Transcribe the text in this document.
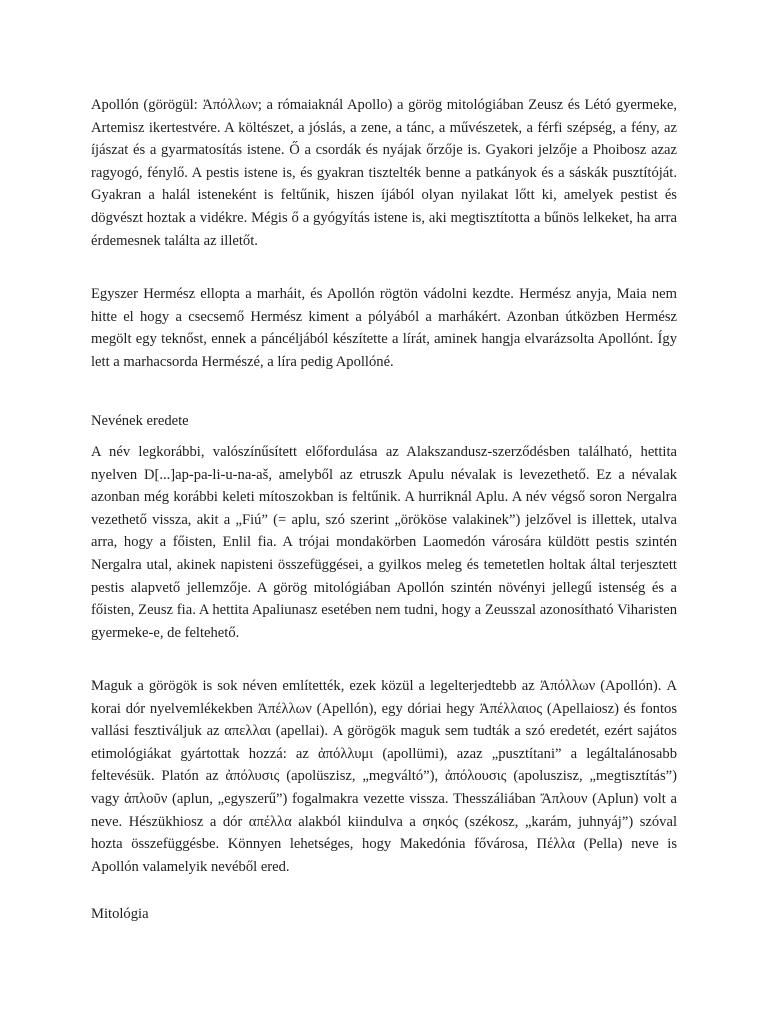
Apollón (görögül: Ἀπόλλων; a rómaiaknál Apollo) a görög mitológiában Zeusz és Létó gyermeke, Artemisz ikertestvére. A költészet, a jóslás, a zene, a tánc, a művészetek, a férfi szépség, a fény, az íjászat és a gyarmatosítás istene. Ő a csordák és nyájak őrzője is. Gyakori jelzője a Phoibosz azaz ragyogó, fénylő. A pestis istene is, és gyakran tisztelték benne a patkányok és a sáskák pusztítóját. Gyakran a halál isteneként is feltűnik, hiszen íjából olyan nyilakat lőtt ki, amelyek pestist és dögvészt hoztak a vidékre. Mégis ő a gyógyítás istene is, aki megtisztította a bűnös lelkeket, ha arra érdemesnek találta az illetőt.

Egyszer Hermész ellopta a marháit, és Apollón rögtön vádolni kezdte. Hermész anyja, Maia nem hitte el hogy a csecsemő Hermész kiment a pólyából a marhákért. Azonban útközben Hermész megölt egy teknőst, ennek a páncéljából készítette a lírát, aminek hangja elvarázsolta Apollónt. Így lett a marhacsorda Hermészé, a líra pedig Apollóné.

Nevének eredete

A név legkorábbi, valószínűsített előfordulása az Alakszandusz-szerződésben található, hettita nyelven D[...]ap-pa-li-u-na-aš, amelyből az etruszk Apulu névalak is levezethető. Ez a névalak azonban még korábbi keleti mítoszokban is feltűnik. A hurriknál Aplu. A név végső soron Nergalra vezethető vissza, akit a „Fiú” (= aplu, szó szerint „örököse valakinek”) jelzővel is illettek, utalva arra, hogy a főisten, Enlil fia. A trójai mondakörben Laomedón városára küldött pestis szintén Nergalra utal, akinek napisteni összefüggései, a gyilkos meleg és temetetlen holtak által terjesztett pestis alapvető jellemzője. A görög mitológiában Apollón szintén növényi jellegű istenség és a főisten, Zeusz fia. A hettita Apaliunasz esetében nem tudni, hogy a Zeusszal azonosítható Viharisten gyermeke-e, de feltehető.

Maguk a görögök is sok néven említették, ezek közül a legelterjedtebb az Ἀπόλλων (Apollón). A korai dór nyelvemlékekben Ἀπέλλων (Apellón), egy dóriai hegy Ἀπέλλαιος (Apellaiosz) és fontos vallási fesztiváljuk az απελλαι (apellai). A görögök maguk sem tudták a szó eredetét, ezért sajátos etimológiákat gyártottak hozzá: az ἀπόλλυμι (apollümi), azaz „pusztítani” a legáltalánosabb feltevésük. Platón az ἀπόλυσις (apolüszisz, „megváltó”), ἀπόλουσις (apoluszisz, „megtisztítás”) vagy ἁπλοῦν (aplun, „egyszerű”) fogalmakra vezette vissza. Thesszáliában Ἄπλουν (Aplun) volt a neve. Hészükhiosz a dór απέλλα alakból kiindulva a σηκός (székosz, „karám, juhnyáj”) szóval hozta összefüggésbe. Könnyen lehetséges, hogy Makedónia fővárosa, Πέλλα (Pella) neve is Apollón valamelyik nevéből ered.

Mitológia
